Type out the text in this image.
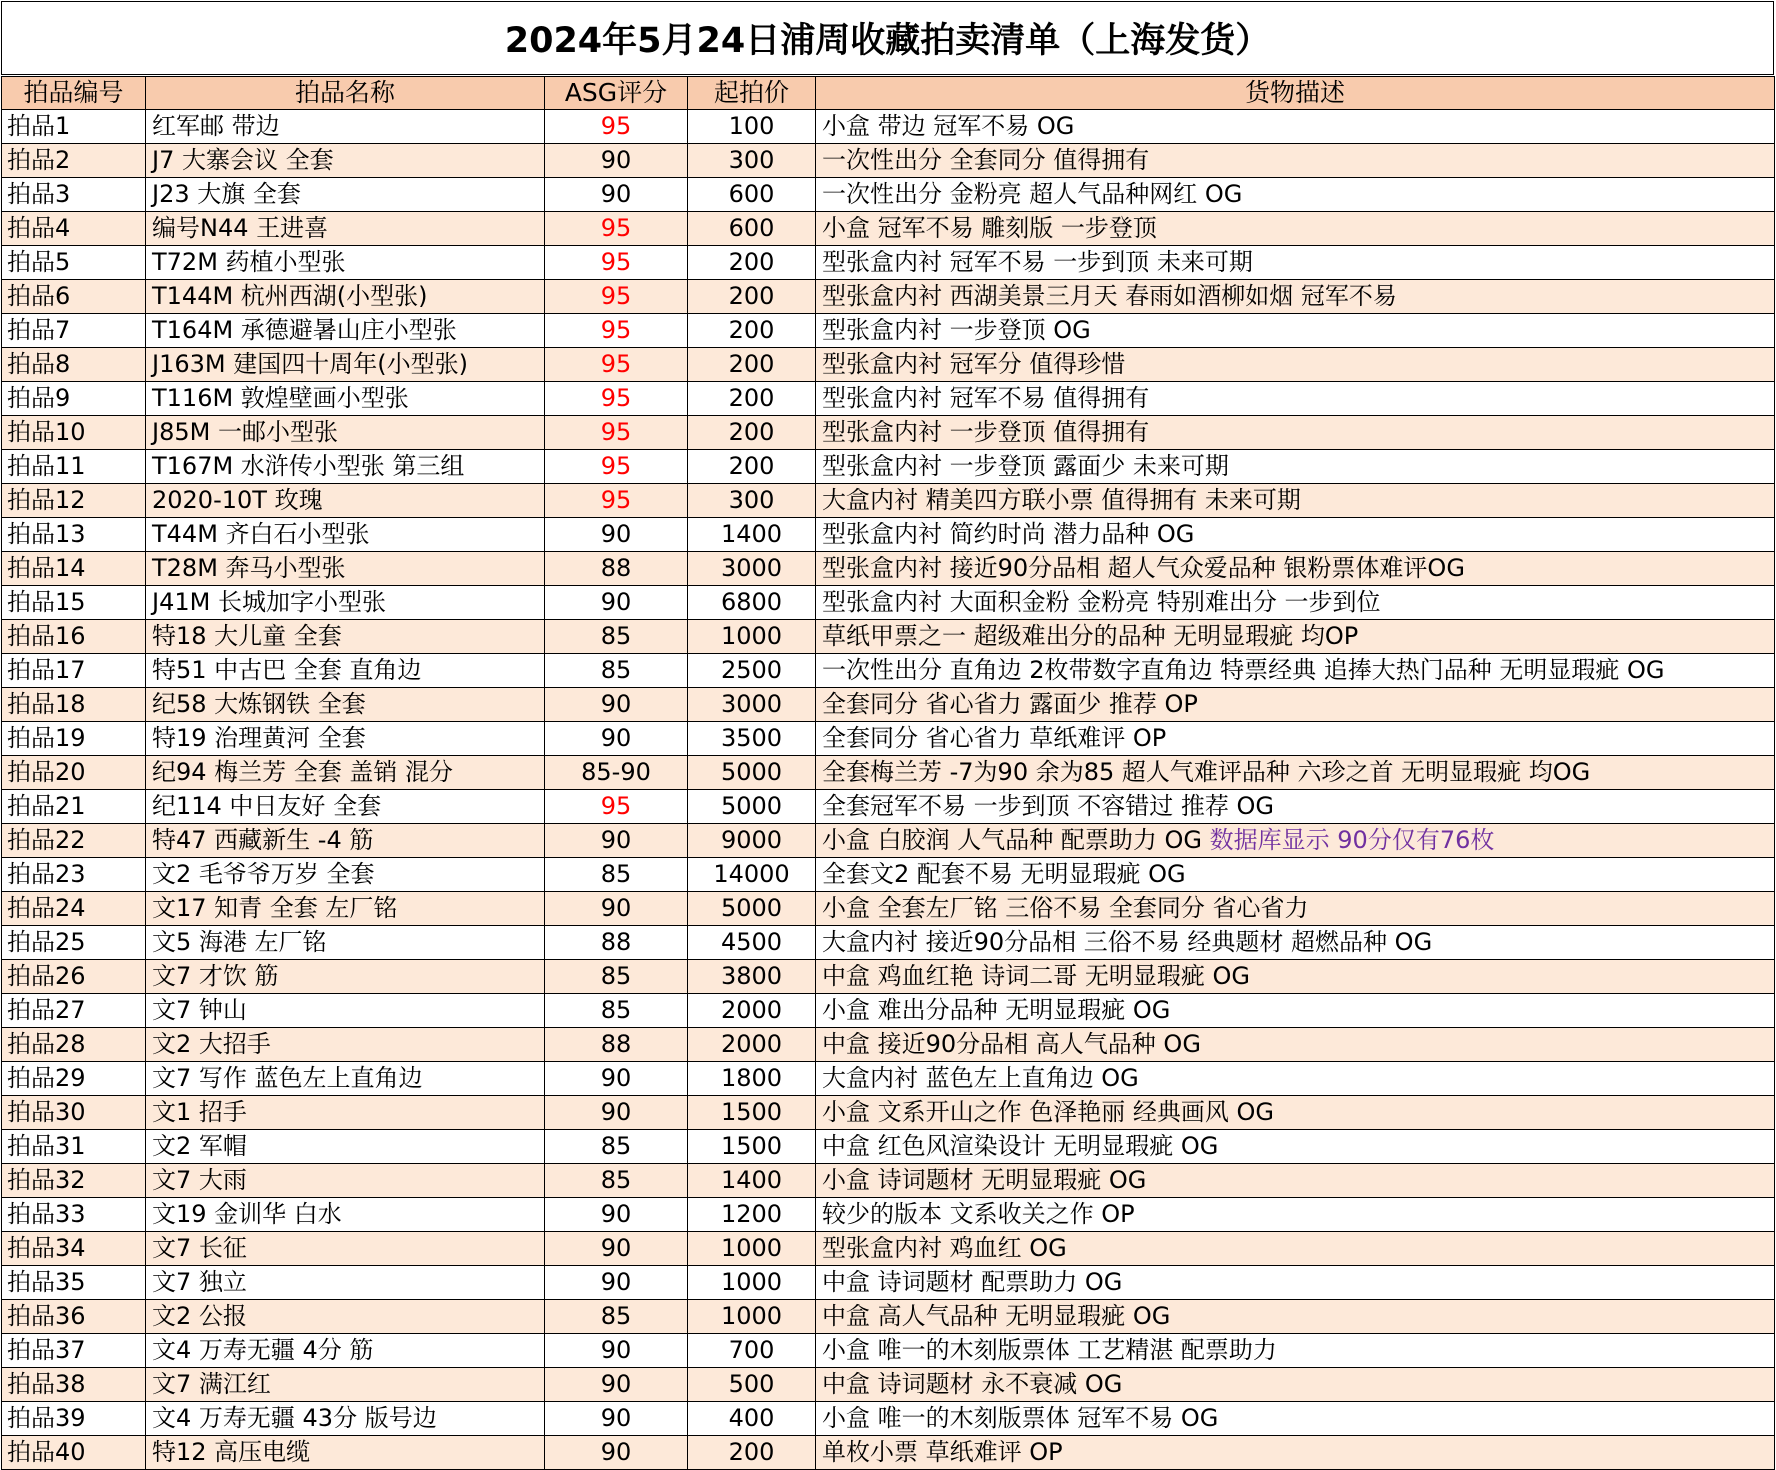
2024年5月24日浦周收藏拍卖清单（上海发货）
拍品编号	拍品名称	ASG评分	起拍价	货物描述
拍品1	红军邮 带边	95	100	小盒 带边 冠军不易 OG
拍品2	J7 大寨会议 全套	90	300	一次性出分 全套同分 值得拥有
拍品3	J23 大旗 全套	90	600	一次性出分 金粉亮 超人气品种网红 OG
拍品4	编号N44 王进喜	95	600	小盒 冠军不易 雕刻版 一步登顶
拍品5	T72M 药植小型张	95	200	型张盒内衬 冠军不易 一步到顶 未来可期
拍品6	T144M 杭州西湖(小型张)	95	200	型张盒内衬 西湖美景三月天 春雨如酒柳如烟 冠军不易
拍品7	T164M 承德避暑山庄小型张	95	200	型张盒内衬 一步登顶 OG
拍品8	J163M 建国四十周年(小型张)	95	200	型张盒内衬 冠军分 值得珍惜
拍品9	T116M 敦煌壁画小型张	95	200	型张盒内衬 冠军不易 值得拥有
拍品10	J85M 一邮小型张	95	200	型张盒内衬 一步登顶 值得拥有
拍品11	T167M 水浒传小型张 第三组	95	200	型张盒内衬 一步登顶 露面少 未来可期
拍品12	2020-10T 玫瑰	95	300	大盒内衬 精美四方联小票 值得拥有 未来可期
拍品13	T44M 齐白石小型张	90	1400	型张盒内衬 简约时尚 潜力品种 OG
拍品14	T28M 奔马小型张	88	3000	型张盒内衬 接近90分品相 超人气众爱品种 银粉票体难评OG
拍品15	J41M 长城加字小型张	90	6800	型张盒内衬 大面积金粉 金粉亮 特别难出分 一步到位
拍品16	特18 大儿童 全套	85	1000	草纸甲票之一 超级难出分的品种 无明显瑕疵 均OP
拍品17	特51 中古巴 全套 直角边	85	2500	一次性出分 直角边 2枚带数字直角边 特票经典 追捧大热门品种 无明显瑕疵 OG
拍品18	纪58 大炼钢铁 全套	90	3000	全套同分 省心省力 露面少 推荐 OP
拍品19	特19 治理黄河 全套	90	3500	全套同分 省心省力 草纸难评 OP
拍品20	纪94 梅兰芳 全套 盖销 混分	85-90	5000	全套梅兰芳 -7为90 余为85 超人气难评品种 六珍之首 无明显瑕疵 均OG
拍品21	纪114 中日友好 全套	95	5000	全套冠军不易 一步到顶 不容错过 推荐 OG
拍品22	特47 西藏新生 -4 筋	90	9000	小盒 白胶润 人气品种 配票助力 OG 数据库显示 90分仅有76枚
拍品23	文2 毛爷爷万岁 全套	85	14000	全套文2 配套不易 无明显瑕疵 OG
拍品24	文17 知青 全套 左厂铭	90	5000	小盒 全套左厂铭 三俗不易 全套同分 省心省力
拍品25	文5 海港 左厂铭	88	4500	大盒内衬 接近90分品相 三俗不易 经典题材 超燃品种 OG
拍品26	文7 才饮 筋	85	3800	中盒 鸡血红艳 诗词二哥 无明显瑕疵 OG
拍品27	文7 钟山	85	2000	小盒 难出分品种 无明显瑕疵 OG
拍品28	文2 大招手	88	2000	中盒 接近90分品相 高人气品种 OG
拍品29	文7 写作 蓝色左上直角边	90	1800	大盒内衬 蓝色左上直角边 OG
拍品30	文1 招手	90	1500	小盒 文系开山之作 色泽艳丽 经典画风 OG
拍品31	文2 军帽	85	1500	中盒 红色风渲染设计 无明显瑕疵 OG
拍品32	文7 大雨	85	1400	小盒 诗词题材 无明显瑕疵 OG
拍品33	文19 金训华 白水	90	1200	较少的版本 文系收关之作 OP
拍品34	文7 长征	90	1000	型张盒内衬 鸡血红 OG
拍品35	文7 独立	90	1000	中盒 诗词题材 配票助力 OG
拍品36	文2 公报	85	1000	中盒 高人气品种 无明显瑕疵 OG
拍品37	文4 万寿无疆 4分 筋	90	700	小盒 唯一的木刻版票体 工艺精湛 配票助力
拍品38	文7 满江红	90	500	中盒 诗词题材 永不衰减 OG
拍品39	文4 万寿无疆 43分 版号边	90	400	小盒 唯一的木刻版票体 冠军不易 OG
拍品40	特12 高压电缆	90	200	单枚小票 草纸难评 OP
